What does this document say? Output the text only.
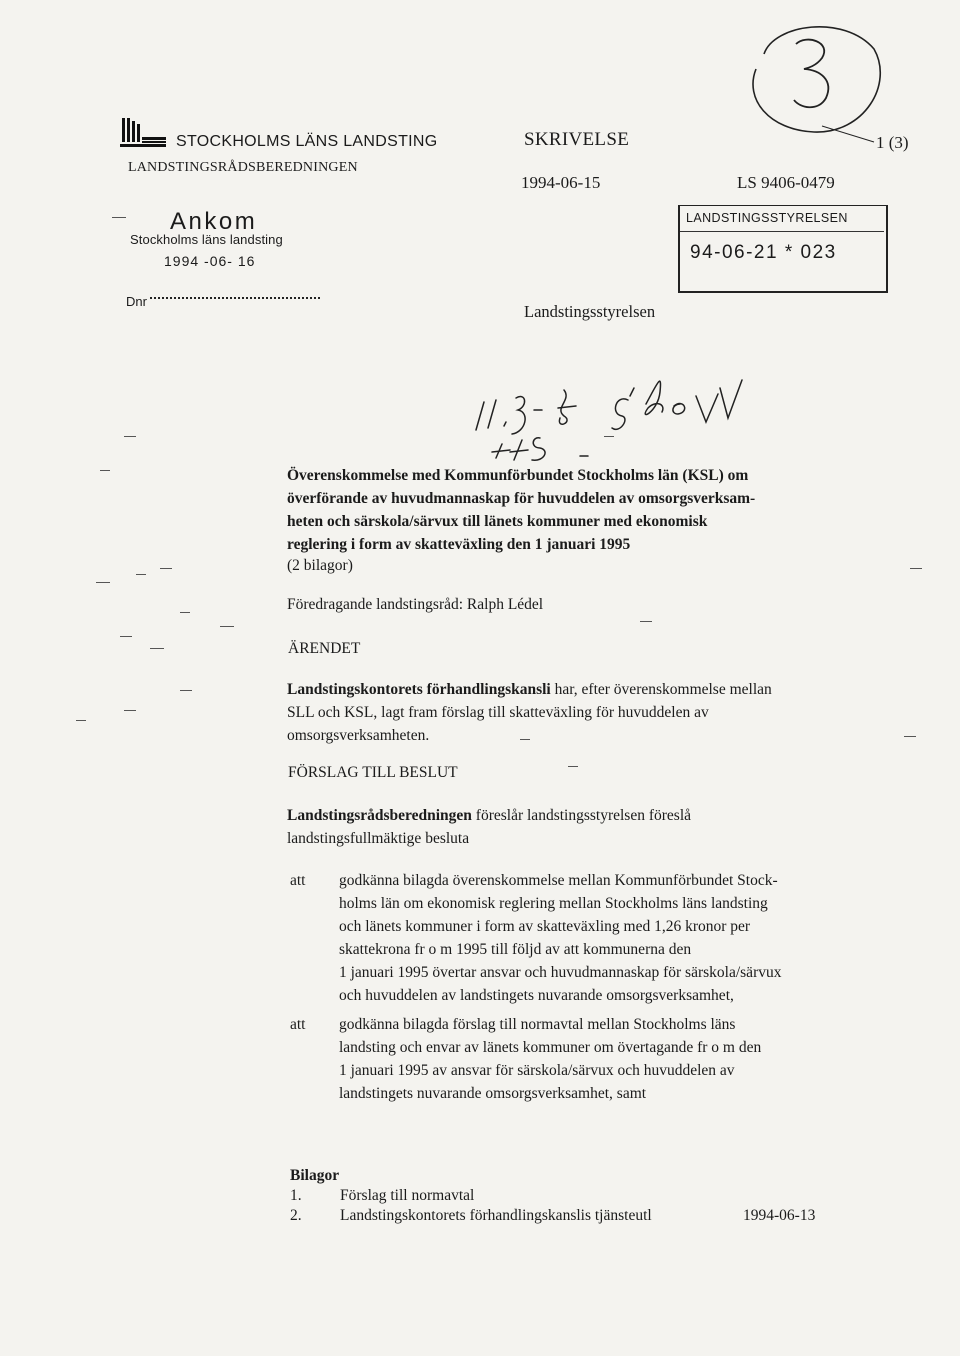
STOCKHOLMS LÄNS LANDSTING
LANDSTINGSRÅDSBEREDNINGEN
SKRIVELSE	1 (3)
1994-06-15	LS 9406-0479
3
Ankom
Stockholms läns landsting
1994 -06- 16
Dnr
LANDSTINGSSTYRELSEN
94-06-21 * 023
Landstingsstyrelsen
Överenskommelse med Kommunförbundet Stockholms län (KSL) om
överförande av huvudmannaskap för huvuddelen av omsorgsverksam-
heten och särskola/särvux till länets kommuner med ekonomisk
reglering i form av skatteväxling den 1 januari 1995
(2 bilagor)
Föredragande landstingsråd: Ralph Lédel
ÄRENDET
Landstingskontorets förhandlingskansli har, efter överenskommelse mellan
SLL och KSL, lagt fram förslag till skatteväxling för huvuddelen av
omsorgsverksamheten.
FÖRSLAG TILL BESLUT
Landstingsrådsberedningen föreslår landstingsstyrelsen föreslå
landstingsfullmäktige besluta
att godkänna bilagda överenskommelse mellan Kommunförbundet Stock-
holms län om ekonomisk reglering mellan Stockholms läns landsting
och länets kommuner i form av skatteväxling med 1,26 kronor per
skattekrona fr o m 1995 till följd av att kommunerna den
1 januari 1995 övertar ansvar och huvudmannaskap för särskola/särvux
och huvuddelen av landstingets nuvarande omsorgsverksamhet,
att godkänna bilagda förslag till normavtal mellan Stockholms läns
landsting och envar av länets kommuner om övertagande fr o m den
1 januari 1995 av ansvar för särskola/särvux och huvuddelen av
landstingets nuvarande omsorgsverksamhet, samt
Bilagor
1. Förslag till normavtal
2. Landstingskontorets förhandlingskanslis tjänsteutl	1994-06-13
